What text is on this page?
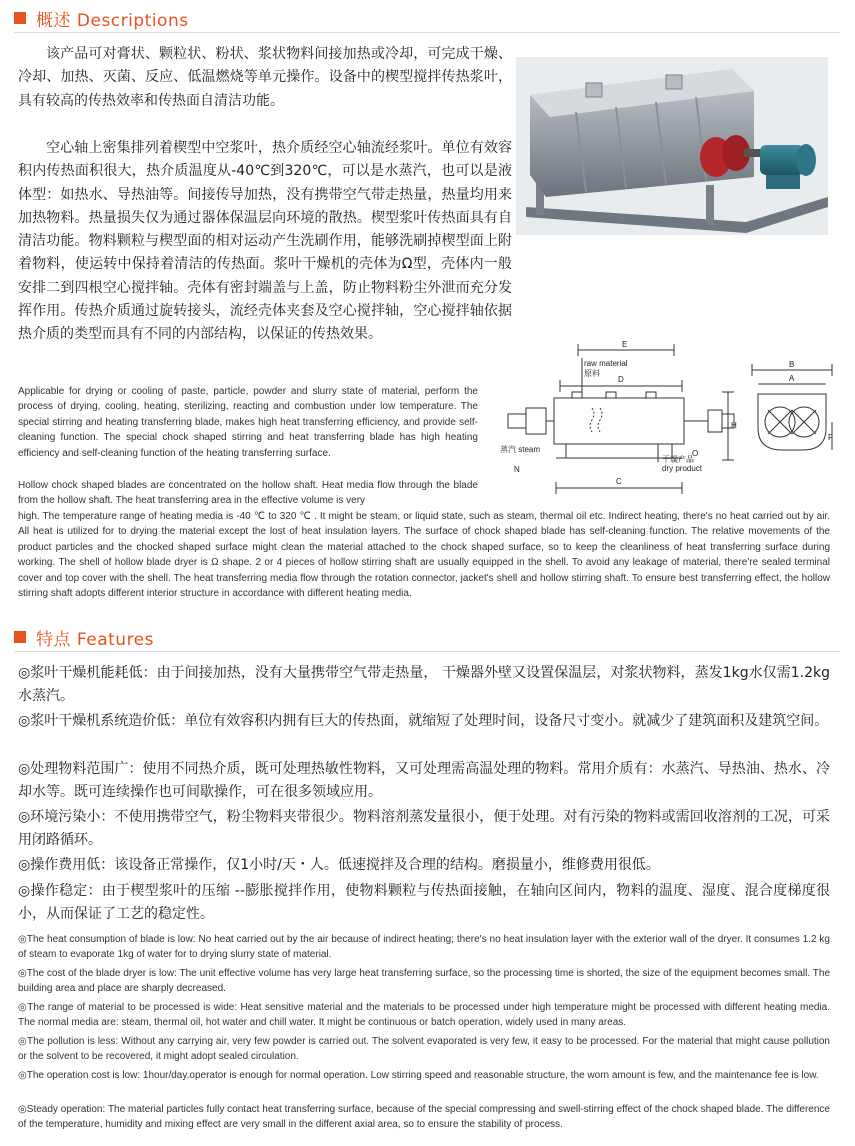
概述 Descriptions

该产品可对膏状、颗粒状、粉状、浆状物料间接加热或冷却，可完成干燥、冷却、加热、灭菌、反应、低温燃烧等单元操作。设备中的楔型搅拌传热浆叶，具有较高的传热效率和传热面自清洁功能。

空心轴上密集排列着楔型中空浆叶，热介质经空心轴流经浆叶。单位有效容积内传热面积很大，热介质温度从-40℃到320℃，可以是水蒸汽，也可以是液体型：如热水、导热油等。间接传导加热，没有携带空气带走热量，热量均用来加热物料。热量损失仅为通过器体保温层向环境的散热。楔型浆叶传热面具有自清洁功能。物料颗粒与楔型面的相对运动产生洗刷作用，能够洗刷掉楔型面上附着物料，使运转中保持着清洁的传热面。浆叶干燥机的壳体为Ω型，壳体内一般安排二到四根空心搅拌轴。壳体有密封端盖与上盖，防止物料粉尘外泄而充分发挥作用。传热介质通过旋转接头，流经壳体夹套及空心搅拌轴，空心搅拌轴依据热介质的类型而具有不同的内部结构，以保证的传热效果。

E
D
raw material
原料
蒸汽 steam
N
O
干燥产品
dry product
C
H
A
B
F

Applicable for drying or cooling of paste, particle, powder and slurry state of material, perform the process of drying, cooling, heating, sterilizing, reacting and combustion under low temperature. The special stirring and heating transferring blade, makes high heat transferring efficiency, and provide self-cleaning function. The special chock shaped stirring and heat transferring blade has high heating efficiency and self-cleaning function of the heating transferring surface.

Hollow chock shaped blades are concentrated on the hollow shaft. Heat media flow through the blade from the hollow shaft. The heat transferring area in the effective volume is very

high. The temperature range of heating media is -40 ℃ to 320 ℃ . It might be steam, or liquid state, such as steam, thermal oil etc. Indirect heating, there's no heat carried out by air. All heat is utilized for to drying the material except the lost of heat insulation layers. The surface of chock shaped blade has self-cleaning function. The relative movements of the product particles and the chocked shaped surface might clean the material attached to the chock shaped surface, so to keep the cleanliness of heat transferring surface during working. The shell of hollow blade dryer is Ω shape. 2 or 4 pieces of hollow stirring shaft are usually equipped in the shell. To avoid any leakage of material, there're sealed terminal cover and top cover with the shell. The heat transferring media flow through the rotation connector, jacket's shell and hollow stirring shaft. To ensure best transferring effect, the hollow stirring shaft adopts different interior structure in accordance with different heating media.

特点 Features

◎浆叶干燥机能耗低：由于间接加热，没有大量携带空气带走热量， 干燥器外壁又设置保温层，对浆状物料，蒸发1kg水仅需1.2kg水蒸汽。

◎浆叶干燥机系统造价低：单位有效容积内拥有巨大的传热面，就缩短了处理时间，设备尺寸变小。就减少了建筑面积及建筑空间。

◎处理物料范围广：使用不同热介质，既可处理热敏性物料，又可处理需高温处理的物料。常用介质有：水蒸汽、导热油、热水、冷却水等。既可连续操作也可间歇操作，可在很多领域应用。

◎环境污染小：不使用携带空气，粉尘物料夹带很少。物料溶剂蒸发量很小，便于处理。对有污染的物料或需回收溶剂的工况，可采用闭路循环。

◎操作费用低：该设备正常操作，仅1小时/天・人。低速搅拌及合理的结构。磨损量小，维修费用很低。

◎操作稳定：由于楔型浆叶的压缩 --膨胀搅拌作用，使物料颗粒与传热面接触，在轴向区间内，物料的温度、湿度、混合度梯度很小，从而保证了工艺的稳定性。

◎The heat consumption of blade is low: No heat carried out by the air because of indirect heating; there's no heat insulation layer with the exterior wall of the dryer. It consumes 1.2 kg of steam to evaporate 1kg of water for to drying slurry state of material.

◎The cost of the blade dryer is low: The unit effective volume has very large heat transferring surface, so the processing time is shorted, the size of the equipment becomes small. The building area and place are sharply decreased.

◎The range of material to be processed is wide: Heat sensitive material and the materials to be processed under high temperature might be processed with different heating media. The normal media are: steam, thermal oil, hot water and chill water. It might be continuous or batch operation, widely used in many areas.

◎The pollution is less: Without any carrying air, very few powder is carried out. The solvent evaporated is very few, it easy to be processed. For the material that might cause pollution or the solvent to be recovered, it might adopt sealed circulation.

◎The operation cost is low: 1hour/day.operator is enough for normal operation. Low stirring speed and reasonable structure, the worn amount is few, and the maintenance fee is low.

◎Steady operation: The material particles fully contact heat transferring surface, because of the special compressing and swell-stirring effect of the chock shaped blade. The difference of the temperature, humidity and mixing effect are very small in the different axial area, so to ensure the stability of process.
